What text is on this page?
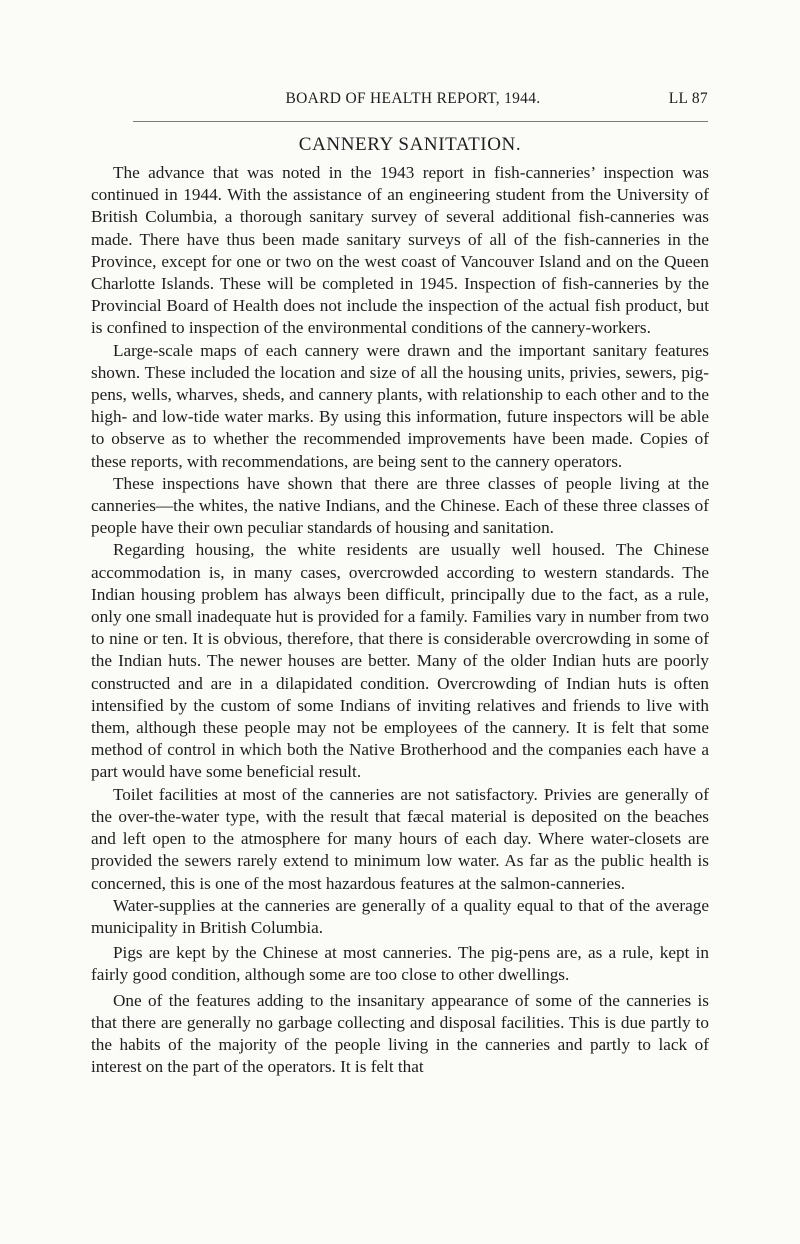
BOARD OF HEALTH REPORT, 1944.	LL 87
CANNERY SANITATION.

The advance that was noted in the 1943 report in fish-canneries’ inspection was continued in 1944. With the assistance of an engineering student from the University of British Columbia, a thorough sanitary survey of several additional fish-canneries was made. There have thus been made sanitary surveys of all of the fish-canneries in the Province, except for one or two on the west coast of Vancouver Island and on the Queen Charlotte Islands. These will be completed in 1945. Inspection of fish-canneries by the Provincial Board of Health does not include the inspection of the actual fish product, but is confined to inspection of the environmental conditions of the cannery-workers.

Large-scale maps of each cannery were drawn and the important sanitary features shown. These included the location and size of all the housing units, privies, sewers, pig-pens, wells, wharves, sheds, and cannery plants, with relationship to each other and to the high- and low-tide water marks. By using this information, future inspectors will be able to observe as to whether the recommended improvements have been made. Copies of these reports, with recommendations, are being sent to the cannery operators.

These inspections have shown that there are three classes of people living at the canneries—the whites, the native Indians, and the Chinese. Each of these three classes of people have their own peculiar standards of housing and sanitation.

Regarding housing, the white residents are usually well housed. The Chinese accommodation is, in many cases, overcrowded according to western standards. The Indian housing problem has always been difficult, principally due to the fact, as a rule, only one small inadequate hut is provided for a family. Families vary in number from two to nine or ten. It is obvious, therefore, that there is considerable overcrowding in some of the Indian huts. The newer houses are better. Many of the older Indian huts are poorly constructed and are in a dilapidated condition. Overcrowding of Indian huts is often intensified by the custom of some Indians of inviting relatives and friends to live with them, although these people may not be employees of the cannery. It is felt that some method of control in which both the Native Brotherhood and the companies each have a part would have some beneficial result.

Toilet facilities at most of the canneries are not satisfactory. Privies are generally of the over-the-water type, with the result that fæcal material is deposited on the beaches and left open to the atmosphere for many hours of each day. Where water-closets are provided the sewers rarely extend to minimum low water. As far as the public health is concerned, this is one of the most hazardous features at the salmon-canneries.

Water-supplies at the canneries are generally of a quality equal to that of the average municipality in British Columbia.

Pigs are kept by the Chinese at most canneries. The pig-pens are, as a rule, kept in fairly good condition, although some are too close to other dwellings.

One of the features adding to the insanitary appearance of some of the canneries is that there are generally no garbage collecting and disposal facilities. This is due partly to the habits of the majority of the people living in the canneries and partly to lack of interest on the part of the operators. It is felt that
